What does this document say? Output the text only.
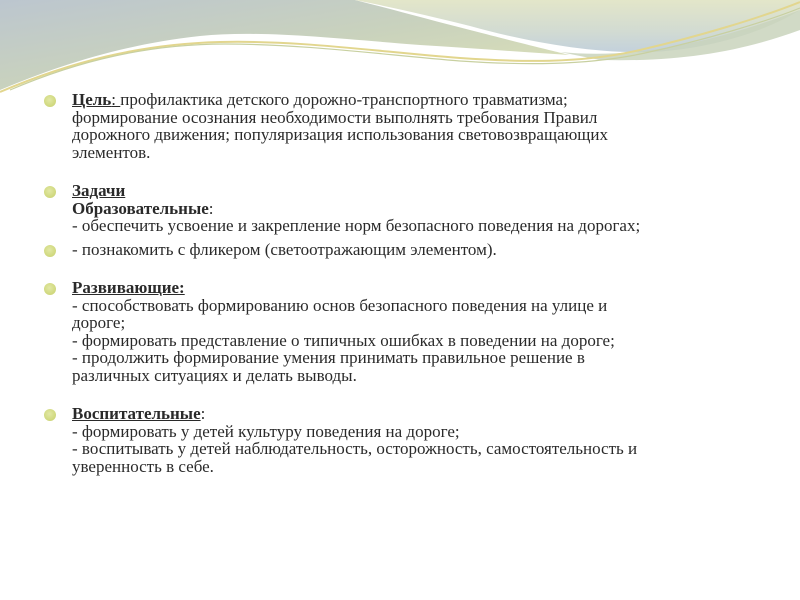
Цель: профилактика детского дорожно-транспортного травматизма;
формирование осознания необходимости выполнять требования Правил
дорожного движения; популяризация использования световозвращающих
элементов.
Задачи
Образовательные:
- обеспечить усвоение и закрепление норм безопасного поведения на дорогах;
- познакомить с фликером (светоотражающим элементом).
Развивающие:
- способствовать формированию основ безопасного поведения на улице и
дороге;
- формировать представление о типичных ошибках в поведении на дороге;
- продолжить формирование умения принимать правильное решение в
различных ситуациях и делать выводы.
Воспитательные:
- формировать у детей культуру поведения на дороге;
- воспитывать у детей наблюдательность, осторожность, самостоятельность и
уверенность в себе.
